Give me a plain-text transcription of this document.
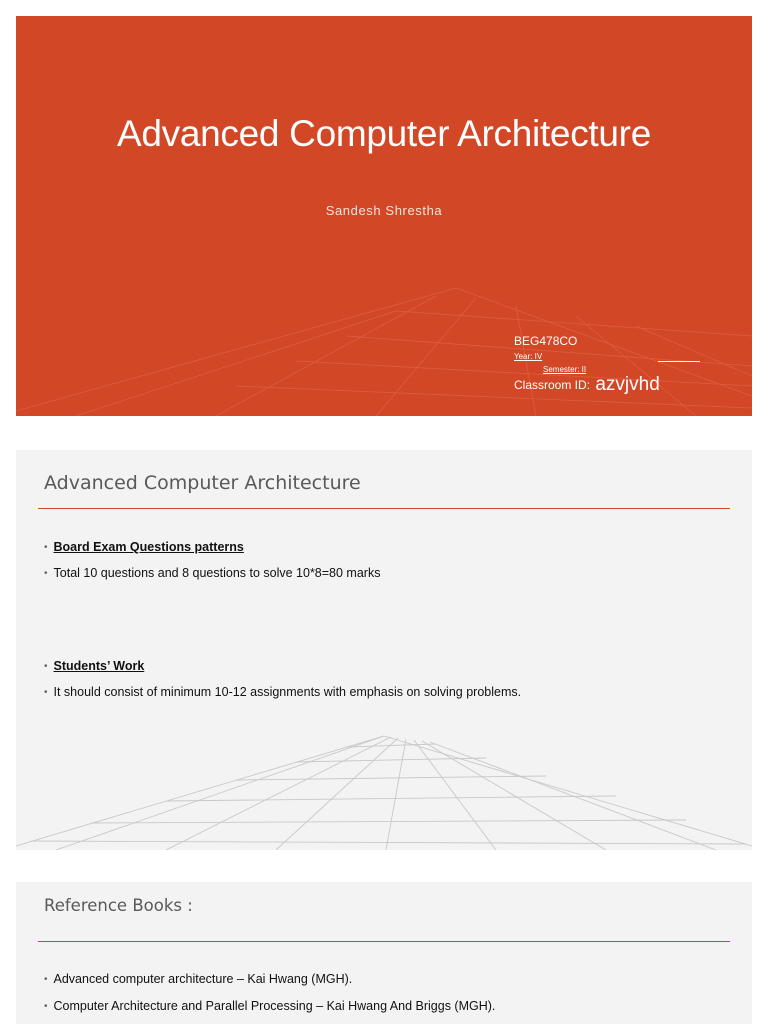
Advanced Computer Architecture
Sandesh Shrestha
BEG478CO
Year: IV
Semester: II
Classroom ID: azvjvhd
Advanced Computer Architecture
• Board Exam Questions patterns
• Total 10 questions and 8 questions to solve 10*8=80 marks
• Students’ Work
• It should consist of minimum 10-12 assignments with emphasis on solving problems.
Reference Books :
• Advanced computer architecture – Kai Hwang (MGH).
• Computer Architecture and Parallel Processing – Kai Hwang And Briggs (MGH).
